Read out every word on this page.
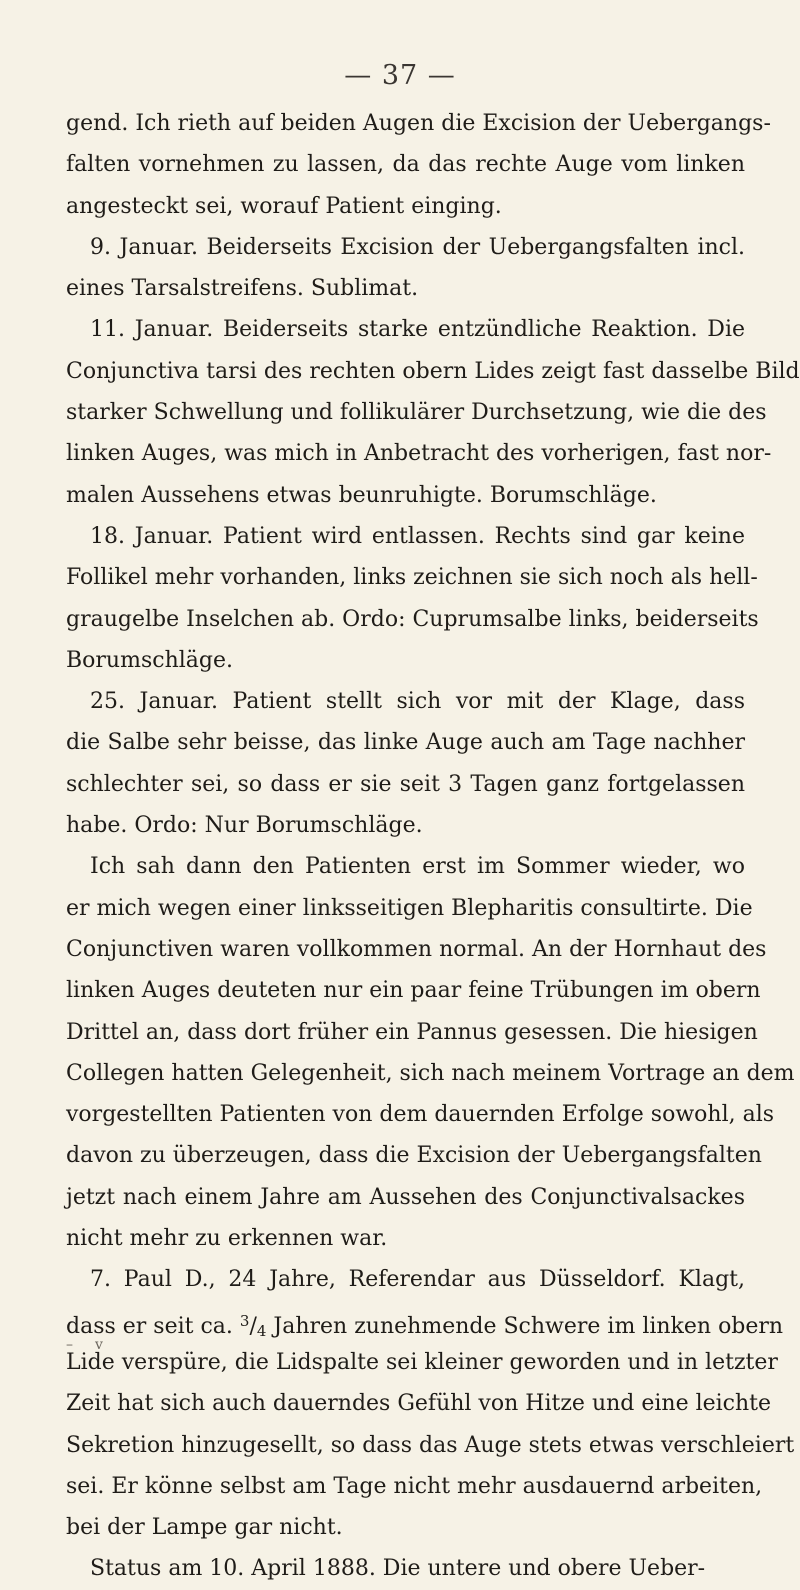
— 37 —
gend. Ich rieth auf beiden Augen die Excision der Uebergangs-
falten vornehmen zu lassen, da das rechte Auge vom linken
angesteckt sei, worauf Patient einging.
9. Januar. Beiderseits Excision der Uebergangsfalten incl.
eines Tarsalstreifens. Sublimat.
11. Januar. Beiderseits starke entzündliche Reaktion. Die
Conjunctiva tarsi des rechten obern Lides zeigt fast dasselbe Bild
starker Schwellung und follikulärer Durchsetzung, wie die des
linken Auges, was mich in Anbetracht des vorherigen, fast nor-
malen Aussehens etwas beunruhigte. Borumschläge.
18. Januar. Patient wird entlassen. Rechts sind gar keine
Follikel mehr vorhanden, links zeichnen sie sich noch als hell-
graugelbe Inselchen ab. Ordo: Cuprumsalbe links, beiderseits
Borumschläge.
25. Januar. Patient stellt sich vor mit der Klage, dass
die Salbe sehr beisse, das linke Auge auch am Tage nachher
schlechter sei, so dass er sie seit 3 Tagen ganz fortgelassen
habe. Ordo: Nur Borumschläge.
Ich sah dann den Patienten erst im Sommer wieder, wo
er mich wegen einer linksseitigen Blepharitis consultirte. Die
Conjunctiven waren vollkommen normal. An der Hornhaut des
linken Auges deuteten nur ein paar feine Trübungen im obern
Drittel an, dass dort früher ein Pannus gesessen. Die hiesigen
Collegen hatten Gelegenheit, sich nach meinem Vortrage an dem
vorgestellten Patienten von dem dauernden Erfolge sowohl, als
davon zu überzeugen, dass die Excision der Uebergangsfalten
jetzt nach einem Jahre am Aussehen des Conjunctivalsackes
nicht mehr zu erkennen war.
7. Paul D., 24 Jahre, Referendar aus Düsseldorf. Klagt,
dass er seit ca. $^3$/4 Jahren zunehmende Schwere im linken obern
Lide verspüre, die Lidspalte sei kleiner geworden und in letzter
Zeit hat sich auch dauerndes Gefühl von Hitze und eine leichte
Sekretion hinzugesellt, so dass das Auge stets etwas verschleiert
sei. Er könne selbst am Tage nicht mehr ausdauernd arbeiten,
bei der Lampe gar nicht.
Status am 10. April 1888. Die untere und obere Ueber-
– v
